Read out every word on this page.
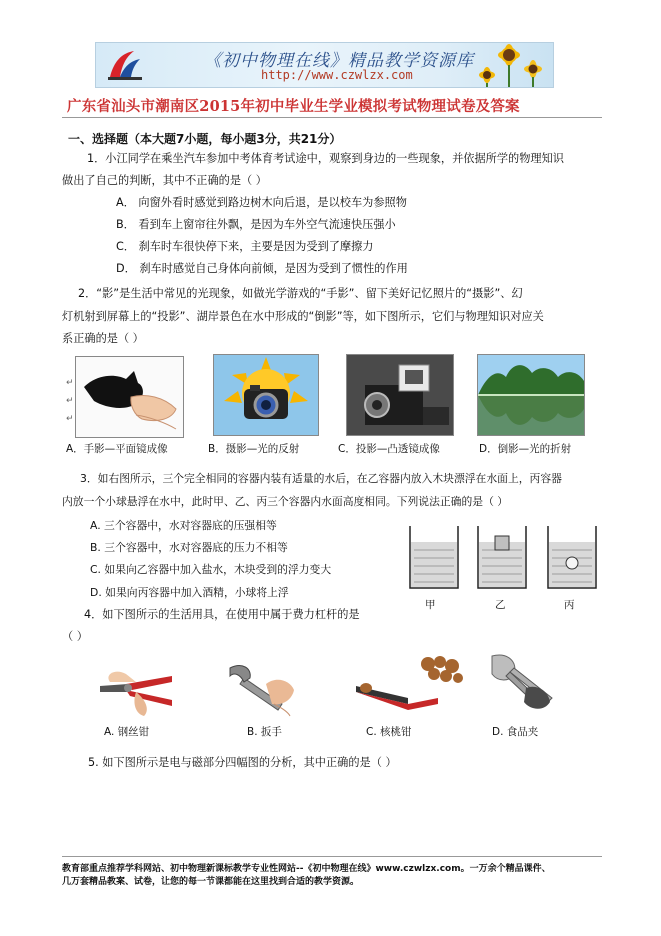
《初中物理在线》精品教学资源库
http://www.czwlzx.com
广东省汕头市潮南区2015年初中毕业生学业模拟考试物理试卷及答案
一、选择题（本大题7小题，每小题3分，共21分）
1．小江同学在乘坐汽车参加中考体育考试途中，观察到身边的一些现象，并依据所学的物理知识
做出了自己的判断，其中不正确的是（ ）
A． 向窗外看时感觉到路边树木向后退，是以校车为参照物
B． 看到车上窗帘往外飘，是因为车外空气流速快压强小
C． 刹车时车很快停下来，主要是因为受到了摩擦力
D． 刹车时感觉自己身体向前倾，是因为受到了惯性的作用
2．“影”是生活中常见的光现象，如做光学游戏的“手影”、留下美好记忆照片的“摄影”、幻
灯机射到屏幕上的“投影”、湖岸景色在水中形成的“倒影”等，如下图所示，它们与物理知识对应关
系正确的是（ ）
↵
↵
↵
A．手影—平面镜成像	B．摄影—光的反射	C．投影—凸透镜成像	D．倒影—光的折射
3．如右图所示，三个完全相同的容器内装有适量的水后，在乙容器内放入木块漂浮在水面上，丙容器
内放一个小球悬浮在水中，此时甲、乙、丙三个容器内水面高度相同。下列说法正确的是（ ）
A. 三个容器中，水对容器底的压强相等
B. 三个容器中，水对容器底的压力不相等
C. 如果向乙容器中加入盐水，木块受到的浮力变大
D. 如果向丙容器中加入酒精，小球将上浮
甲	乙	丙
4．如下图所示的生活用具，在使用中属于费力杠杆的是
（ ）
A. 钢丝钳	B. 扳手	C. 核桃钳	D. 食品夹
5. 如下图所示是电与磁部分四幅图的分析，其中正确的是（ ）
教育部重点推荐学科网站、初中物理新课标教学专业性网站--《初中物理在线》www.czwlzx.com。一万余个精品课件、
几万套精品教案、试卷，让您的每一节课都能在这里找到合适的教学资源。
